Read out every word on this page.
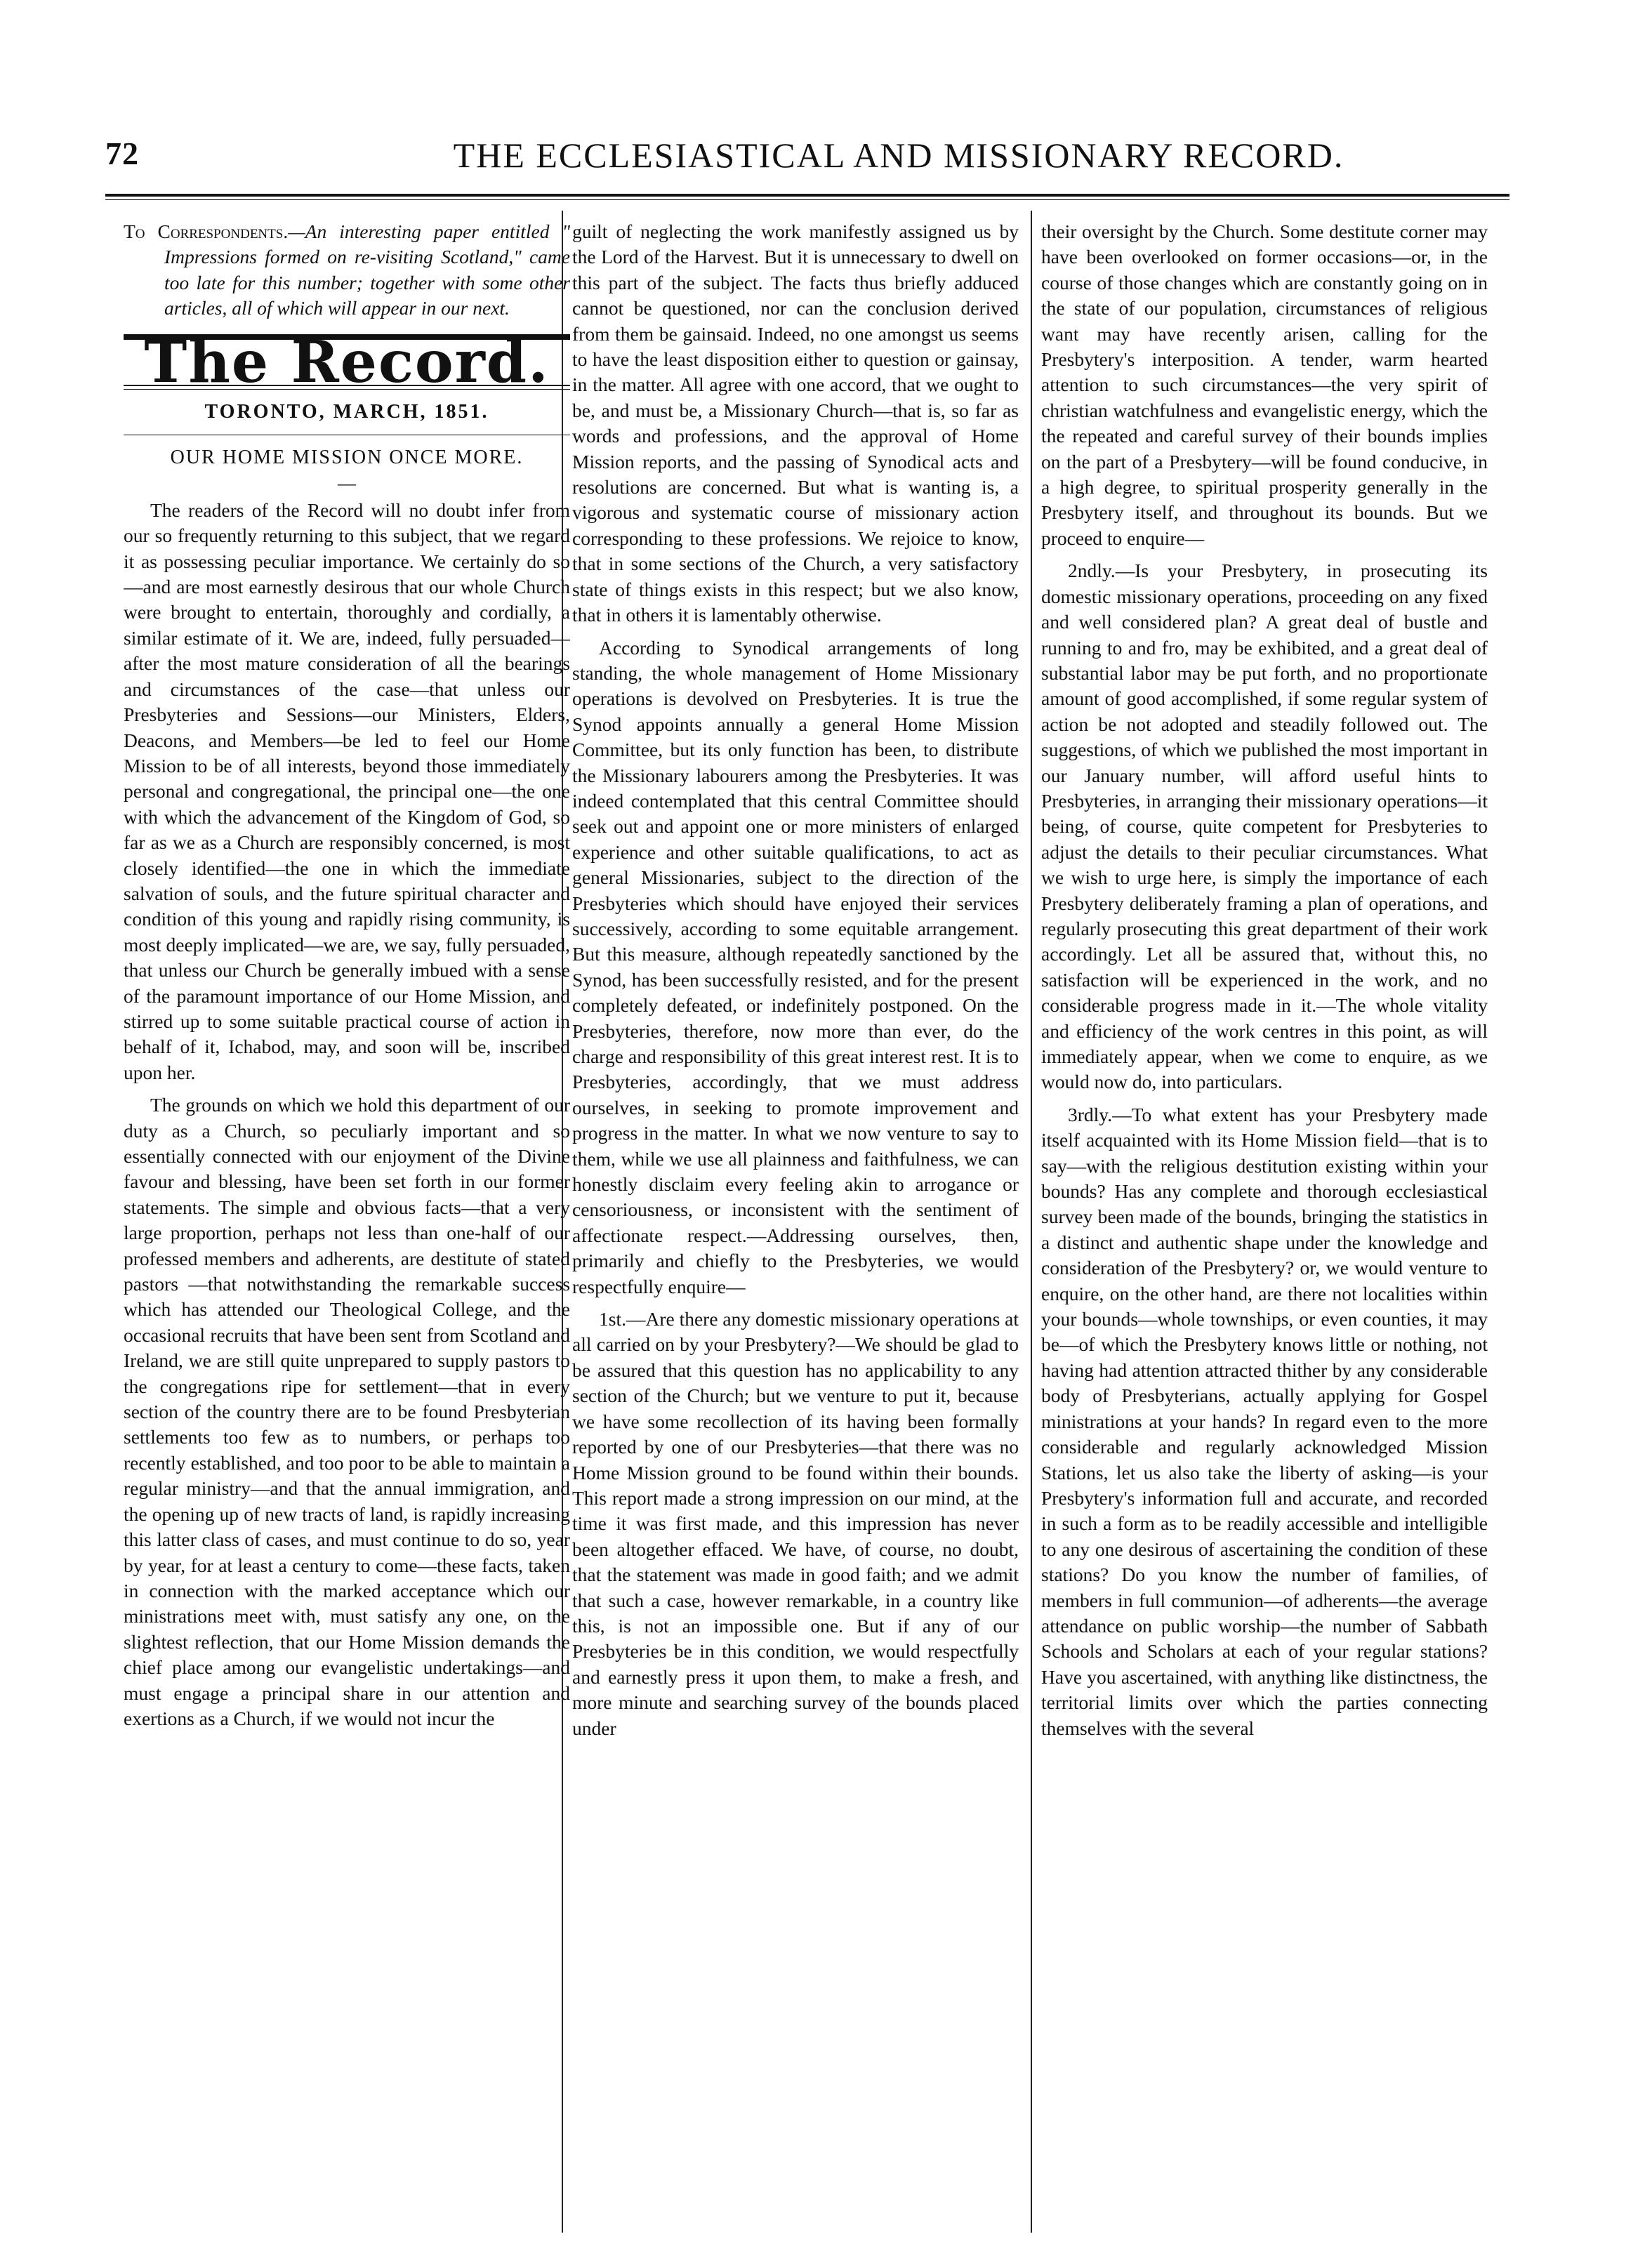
72	THE ECCLESIASTICAL AND MISSIONARY RECORD.

To Correspondents.—An interesting paper entitled " Impressions formed on re-visiting Scotland," came too late for this number; together with some other articles, all of which will appear in our next.

The Record.
TORONTO, MARCH, 1851.
OUR HOME MISSION ONCE MORE.
—

The readers of the Record will no doubt infer from our so frequently returning to this subject, that we regard it as possessing peculiar importance. We certainly do so—and are most earnestly desirous that our whole Church were brought to entertain, thoroughly and cordially, a similar estimate of it. We are, indeed, fully persuaded—after the most mature consideration of all the bearings and circumstances of the case—that unless our Presbyteries and Sessions—our Ministers, Elders, Deacons, and Members—be led to feel our Home Mission to be of all interests, beyond those immediately personal and congregational, the principal one—the one with which the advancement of the Kingdom of God, so far as we as a Church are responsibly concerned, is most closely identified—the one in which the immediate salvation of souls, and the future spiritual character and condition of this young and rapidly rising community, is most deeply implicated—we are, we say, fully persuaded, that unless our Church be generally imbued with a sense of the paramount importance of our Home Mission, and stirred up to some suitable practical course of action in behalf of it, Ichabod, may, and soon will be, inscribed upon her.

The grounds on which we hold this department of our duty as a Church, so peculiarly important and so essentially connected with our enjoyment of the Divine favour and blessing, have been set forth in our former statements. The simple and obvious facts—that a very large proportion, perhaps not less than one-half of our professed members and adherents, are destitute of stated pastors —that notwithstanding the remarkable success which has attended our Theological College, and the occasional recruits that have been sent from Scotland and Ireland, we are still quite unprepared to supply pastors to the congregations ripe for settlement—that in every section of the country there are to be found Presbyterian settlements too few as to numbers, or perhaps too recently established, and too poor to be able to maintain a regular ministry—and that the annual immigration, and the opening up of new tracts of land, is rapidly increasing this latter class of cases, and must continue to do so, year by year, for at least a century to come—these facts, taken in connection with the marked acceptance which our ministrations meet with, must satisfy any one, on the slightest reflection, that our Home Mission demands the chief place among our evangelistic undertakings—and must engage a principal share in our attention and exertions as a Church, if we would not incur the

guilt of neglecting the work manifestly assigned us by the Lord of the Harvest. But it is unnecessary to dwell on this part of the subject. The facts thus briefly adduced cannot be questioned, nor can the conclusion derived from them be gainsaid. Indeed, no one amongst us seems to have the least disposition either to question or gainsay, in the matter. All agree with one accord, that we ought to be, and must be, a Missionary Church—that is, so far as words and professions, and the approval of Home Mission reports, and the passing of Synodical acts and resolutions are concerned. But what is wanting is, a vigorous and systematic course of missionary action corresponding to these professions. We rejoice to know, that in some sections of the Church, a very satisfactory state of things exists in this respect; but we also know, that in others it is lamentably otherwise.

According to Synodical arrangements of long standing, the whole management of Home Missionary operations is devolved on Presbyteries. It is true the Synod appoints annually a general Home Mission Committee, but its only function has been, to distribute the Missionary labourers among the Presbyteries. It was indeed contemplated that this central Committee should seek out and appoint one or more ministers of enlarged experience and other suitable qualifications, to act as general Missionaries, subject to the direction of the Presbyteries which should have enjoyed their services successively, according to some equitable arrangement. But this measure, although repeatedly sanctioned by the Synod, has been successfully resisted, and for the present completely defeated, or indefinitely postponed. On the Presbyteries, therefore, now more than ever, do the charge and responsibility of this great interest rest. It is to Presbyteries, accordingly, that we must address ourselves, in seeking to promote improvement and progress in the matter. In what we now venture to say to them, while we use all plainness and faithfulness, we can honestly disclaim every feeling akin to arrogance or censoriousness, or inconsistent with the sentiment of affectionate respect.—Addressing ourselves, then, primarily and chiefly to the Presbyteries, we would respectfully enquire—

1st.—Are there any domestic missionary operations at all carried on by your Presbytery?—We should be glad to be assured that this question has no applicability to any section of the Church; but we venture to put it, because we have some recollection of its having been formally reported by one of our Presbyteries—that there was no Home Mission ground to be found within their bounds. This report made a strong impression on our mind, at the time it was first made, and this impression has never been altogether effaced. We have, of course, no doubt, that the statement was made in good faith; and we admit that such a case, however remarkable, in a country like this, is not an impossible one. But if any of our Presbyteries be in this condition, we would respectfully and earnestly press it upon them, to make a fresh, and more minute and searching survey of the bounds placed under

their oversight by the Church. Some destitute corner may have been overlooked on former occasions—or, in the course of those changes which are constantly going on in the state of our population, circumstances of religious want may have recently arisen, calling for the Presbytery's interposition. A tender, warm hearted attention to such circumstances—the very spirit of christian watchfulness and evangelistic energy, which the the repeated and careful survey of their bounds implies on the part of a Presbytery—will be found conducive, in a high degree, to spiritual prosperity generally in the Presbytery itself, and throughout its bounds. But we proceed to enquire—

2ndly.—Is your Presbytery, in prosecuting its domestic missionary operations, proceeding on any fixed and well considered plan? A great deal of bustle and running to and fro, may be exhibited, and a great deal of substantial labor may be put forth, and no proportionate amount of good accomplished, if some regular system of action be not adopted and steadily followed out. The suggestions, of which we published the most important in our January number, will afford useful hints to Presbyteries, in arranging their missionary operations—it being, of course, quite competent for Presbyteries to adjust the details to their peculiar circumstances. What we wish to urge here, is simply the importance of each Presbytery deliberately framing a plan of operations, and regularly prosecuting this great department of their work accordingly. Let all be assured that, without this, no satisfaction will be experienced in the work, and no considerable progress made in it.—The whole vitality and efficiency of the work centres in this point, as will immediately appear, when we come to enquire, as we would now do, into particulars.

3rdly.—To what extent has your Presbytery made itself acquainted with its Home Mission field—that is to say—with the religious destitution existing within your bounds? Has any complete and thorough ecclesiastical survey been made of the bounds, bringing the statistics in a distinct and authentic shape under the knowledge and consideration of the Presbytery? or, we would venture to enquire, on the other hand, are there not localities within your bounds—whole townships, or even counties, it may be—of which the Presbytery knows little or nothing, not having had attention attracted thither by any considerable body of Presbyterians, actually applying for Gospel ministrations at your hands? In regard even to the more considerable and regularly acknowledged Mission Stations, let us also take the liberty of asking—is your Presbytery's information full and accurate, and recorded in such a form as to be readily accessible and intelligible to any one desirous of ascertaining the condition of these stations? Do you know the number of families, of members in full communion—of adherents—the average attendance on public worship—the number of Sabbath Schools and Scholars at each of your regular stations? Have you ascertained, with anything like distinctness, the territorial limits over which the parties connecting themselves with the several
